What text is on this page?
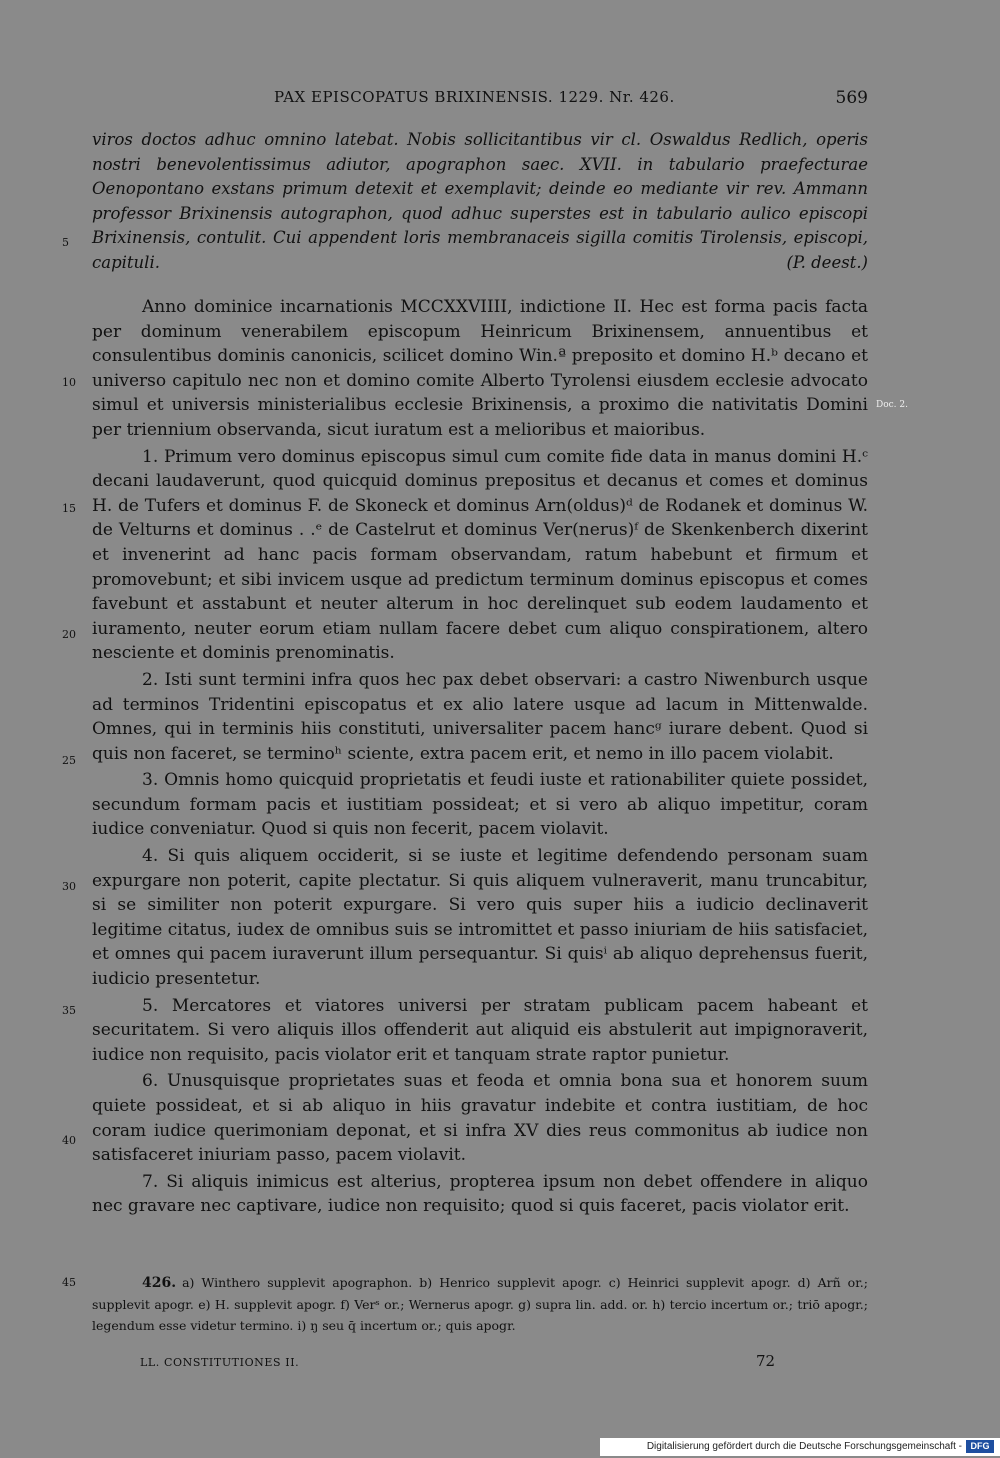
PAX EPISCOPATUS BRIXINENSIS. 1229. Nr. 426.	569

viros doctos adhuc omnino latebat. Nobis sollicitantibus vir cl. Oswaldus Redlich, operis nostri benevolentissimus adiutor, apographon saec. XVII. in tabulario praefecturae Oenopontano exstans primum detexit et exemplavit; deinde eo mediante vir rev. Ammann professor Brixinensis autographon, quod adhuc superstes est in tabulario aulico episcopi Brixinensis, contulit. Cui appendent loris membranaceis sigilla comitis Tirolensis, episcopi, capituli.	(P. deest.)

Anno dominice incarnationis MCCXXVIIII, indictione II. Hec est forma pacis facta per dominum venerabilem episcopum Heinricum Brixinensem, annuentibus et consulentibus dominis canonicis, scilicet domino Win.ª preposito et domino H.ᵇ decano et universo capitulo nec non et domino comite Alberto Tyrolensi eiusdem ecclesie advocato simul et universis ministerialibus ecclesie Brixinensis, a proximo die nativitatis Domini per triennium observanda, sicut iuratum est a melioribus et maioribus.

1. Primum vero dominus episcopus simul cum comite fide data in manus domini H.ᶜ decani laudaverunt, quod quicquid dominus prepositus et decanus et comes et dominus H. de Tufers et dominus F. de Skoneck et dominus Arn(oldus)ᵈ de Rodanek et dominus W. de Velturns et dominus . .ᵉ de Castelrut et dominus Ver(nerus)ᶠ de Skenkenberch dixerint et invenerint ad hanc pacis formam observandam, ratum habebunt et firmum et promovebunt; et sibi invicem usque ad predictum terminum dominus episcopus et comes favebunt et asstabunt et neuter alterum in hoc derelinquet sub eodem laudamento et iuramento, neuter eorum etiam nullam facere debet cum aliquo conspirationem, altero nesciente et dominis prenominatis.

2. Isti sunt termini infra quos hec pax debet observari: a castro Niwenburch usque ad terminos Tridentini episcopatus et ex alio latere usque ad lacum in Mittenwalde. Omnes, qui in terminis hiis constituti, universaliter pacem hancᵍ iurare debent. Quod si quis non faceret, se terminoʰ sciente, extra pacem erit, et nemo in illo pacem violabit.

3. Omnis homo quicquid proprietatis et feudi iuste et rationabiliter quiete possidet, secundum formam pacis et iustitiam possideat; et si vero ab aliquo impetitur, coram iudice conveniatur. Quod si quis non fecerit, pacem violavit.

4. Si quis aliquem occiderit, si se iuste et legitime defendendo personam suam expurgare non poterit, capite plectatur. Si quis aliquem vulneraverit, manu truncabitur, si se similiter non poterit expurgare. Si vero quis super hiis a iudicio declinaverit legitime citatus, iudex de omnibus suis se intromittet et passo iniuriam de hiis satisfaciet, et omnes qui pacem iuraverunt illum persequantur. Si quisⁱ ab aliquo deprehensus fuerit, iudicio presentetur.

5. Mercatores et viatores universi per stratam publicam pacem habeant et securitatem. Si vero aliquis illos offenderit aut aliquid eis abstulerit aut impignoraverit, iudice non requisito, pacis violator erit et tanquam strate raptor punietur.

6. Unusquisque proprietates suas et feoda et omnia bona sua et honorem suum quiete possideat, et si ab aliquo in hiis gravatur indebite et contra iustitiam, de hoc coram iudice querimoniam deponat, et si infra XV dies reus commonitus ab iudice non satisfaceret iniuriam passo, pacem violavit.

7. Si aliquis inimicus est alterius, propterea ipsum non debet offendere in aliquo nec gravare nec captivare, iudice non requisito; quod si quis faceret, pacis violator erit.

5
10
15
20
25
30
35
40
45
Doc. 2.

426. a) Winthero supplevit apographon. b) Henrico supplevit apogr. c) Heinrici supplevit apogr. d) Arñ or.; supplevit apogr. e) H. supplevit apogr. f) Verˢ or.; Wernerus apogr. g) supra lin. add. or. h) tercio incertum or.; triō apogr.; legendum esse videtur termino. i) ŋ seu q̄ incertum or.; quis apogr.

LL. CONSTITUTIONES II.	72
Digitalisierung gefördert durch die Deutsche Forschungsgemeinschaft - DFG
